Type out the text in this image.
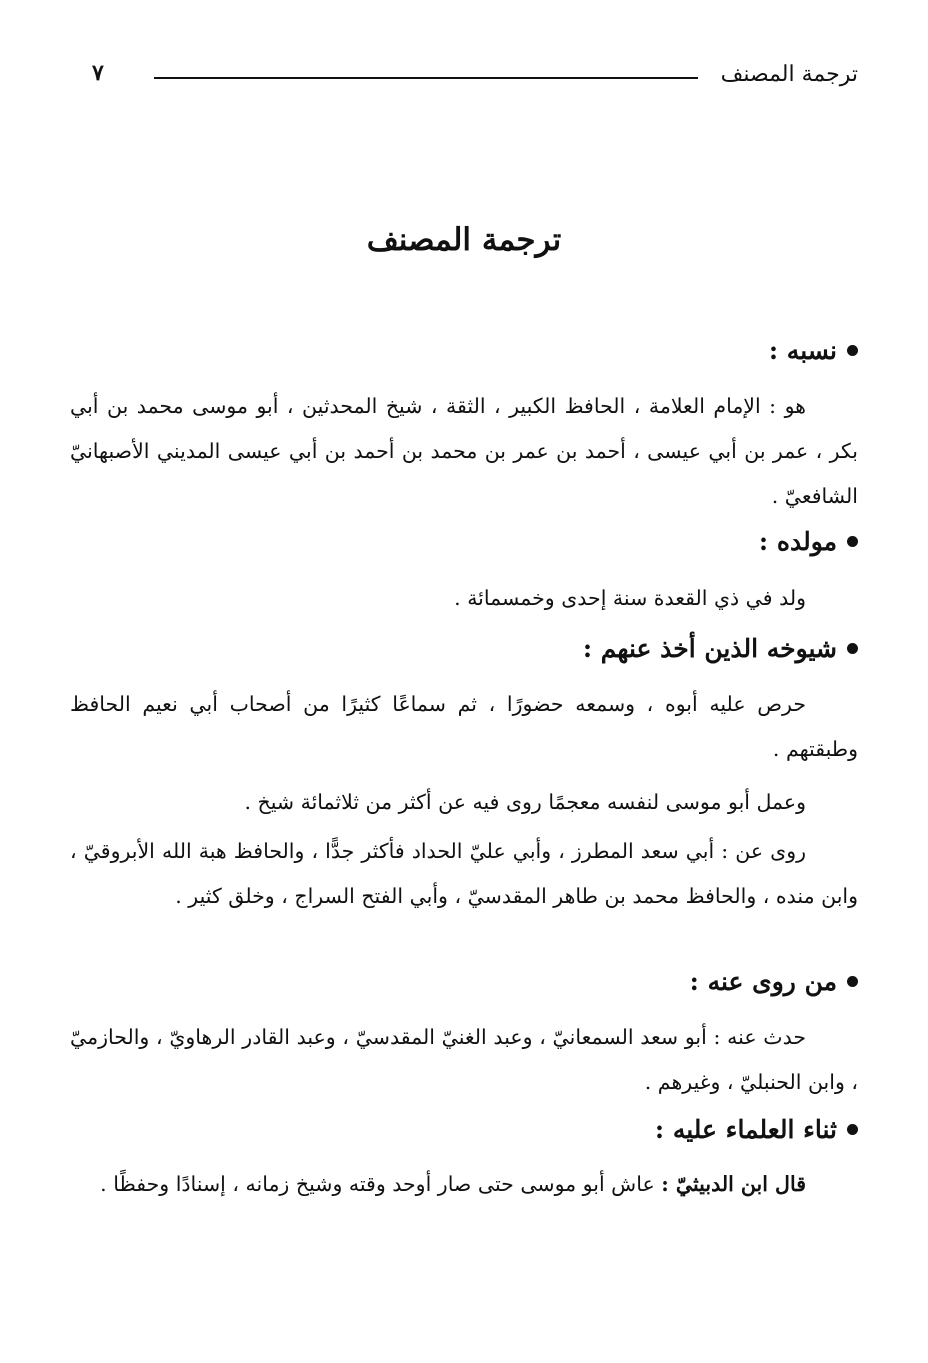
ترجمة المصنف
٧
ترجمة المصنف
نسبه :
هو : الإمام العلامة ، الحافظ الكبير ، الثقة ، شيخ المحدثين ، أبو موسى محمد بن أبي بكر ، عمر بن أبي عيسى ، أحمد بن عمر بن محمد بن أحمد بن أبي عيسى المديني الأصبهانيّ الشافعيّ .
مولده :
ولد في ذي القعدة سنة إحدى وخمسمائة .
شيوخه الذين أخذ عنهم :
حرص عليه أبوه ، وسمعه حضورًا ، ثم سماعًا كثيرًا من أصحاب أبي نعيم الحافظ وطبقتهم .
وعمل أبو موسى لنفسه معجمًا روى فيه عن أكثر من ثلاثمائة شيخ .
روى عن : أبي سعد المطرز ، وأبي عليّ الحداد فأكثر جدًّا ، والحافظ هبة الله الأبروقيّ ، وابن منده ، والحافظ محمد بن طاهر المقدسيّ ، وأبي الفتح السراج ، وخلق كثير .
من روى عنه :
حدث عنه : أبو سعد السمعانيّ ، وعبد الغنيّ المقدسيّ ، وعبد القادر الرهاويّ ، والحازميّ ، وابن الحنبليّ ، وغيرهم .
ثناء العلماء عليه :
قال ابن الدبيثيّ : عاش أبو موسى حتى صار أوحد وقته وشيخ زمانه ، إسنادًا وحفظًا .
